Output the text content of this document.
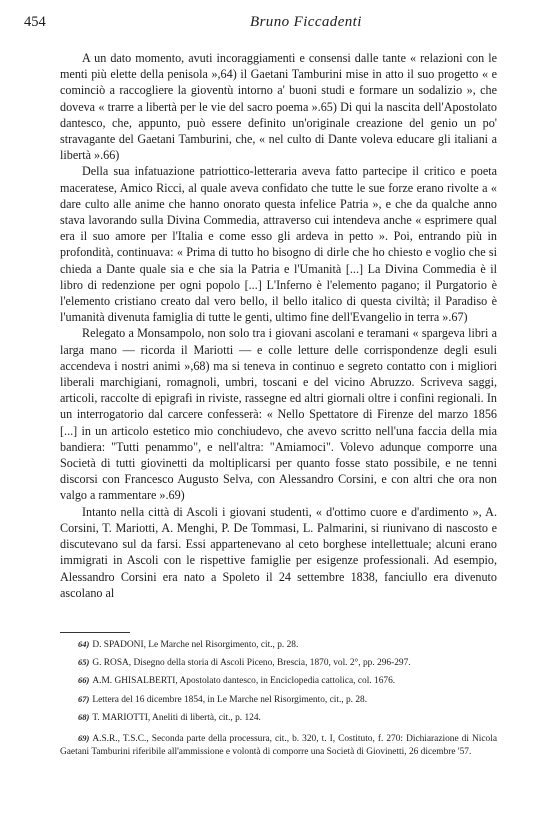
454	Bruno Ficcadenti

A un dato momento, avuti incoraggiamenti e consensi dalle tante « relazioni con le menti più elette della penisola »,64) il Gaetani Tamburini mise in atto il suo progetto « e cominciò a raccogliere la gioventù intorno a' buoni studi e formare un sodalizio », che doveva « trarre a libertà per le vie del sacro poema ».65) Di qui la nascita dell'Apostolato dantesco, che, appunto, può essere definito un'originale creazione del genio un po' stravagante del Gaetani Tamburini, che, « nel culto di Dante voleva educare gli italiani a libertà ».66)

Della sua infatuazione patriottico-letteraria aveva fatto partecipe il critico e poeta maceratese, Amico Ricci, al quale aveva confidato che tutte le sue forze erano rivolte a « dare culto alle anime che hanno onorato questa infelice Patria », e che da qualche anno stava lavorando sulla Divina Commedia, attraverso cui intendeva anche « esprimere qual era il suo amore per l'Italia e come esso gli ardeva in petto ». Poi, entrando più in profondità, continuava: « Prima di tutto ho bisogno di dirle che ho chiesto e voglio che si chieda a Dante quale sia e che sia la Patria e l'Umanità [...] La Divina Commedia è il libro di redenzione per ogni popolo [...] L'Inferno è l'elemento pagano; il Purgatorio è l'elemento cristiano creato dal vero bello, il bello italico di questa civiltà; il Paradiso è l'umanità divenuta famiglia di tutte le genti, ultimo fine dell'Evangelio in terra ».67)

Relegato a Monsampolo, non solo tra i giovani ascolani e teramani « spargeva libri a larga mano — ricorda il Mariotti — e colle letture delle corrispondenze degli esuli accendeva i nostri animi »,68) ma si teneva in continuo e segreto contatto con i migliori liberali marchigiani, romagnoli, umbri, toscani e del vicino Abruzzo. Scriveva saggi, articoli, raccolte di epigrafi in riviste, rassegne ed altri giornali oltre i confini regionali. In un interrogatorio dal carcere confesserà: « Nello Spettatore di Firenze del marzo 1856 [...] in un articolo estetico mio conchiudevo, che avevo scritto nell'una faccia della mia bandiera: "Tutti penammo", e nell'altra: "Amiamoci". Volevo adunque comporre una Società di tutti giovinetti da moltiplicarsi per quanto fosse stato possibile, e ne tenni discorsi con Francesco Augusto Selva, con Alessandro Corsini, e con altri che ora non valgo a rammentare ».69)

Intanto nella città di Ascoli i giovani studenti, « d'ottimo cuore e d'ardimento », A. Corsini, T. Mariotti, A. Menghi, P. De Tommasi, L. Palmarini, si riunivano di nascosto e discutevano sul da farsi. Essi appartenevano al ceto borghese intellettuale; alcuni erano immigrati in Ascoli con le rispettive famiglie per esigenze professionali. Ad esempio, Alessandro Corsini era nato a Spoleto il 24 settembre 1838, fanciullo era divenuto ascolano al

64) D. SPADONI, Le Marche nel Risorgimento, cit., p. 28.

65) G. ROSA, Disegno della storia di Ascoli Piceno, Brescia, 1870, vol. 2°, pp. 296-297.

66) A.M. GHISALBERTI, Apostolato dantesco, in Enciclopedia cattolica, col. 1676.

67) Lettera del 16 dicembre 1854, in Le Marche nel Risorgimento, cit., p. 28.

68) T. MARIOTTI, Aneliti di libertà, cit., p. 124.

69) A.S.R., T.S.C., Seconda parte della processura, cit., b. 320, t. I, Costituto, f. 270: Dichiarazione di Nicola Gaetani Tamburini riferibile all'ammissione e volontà di comporre una Società di Giovinetti, 26 dicembre '57.
